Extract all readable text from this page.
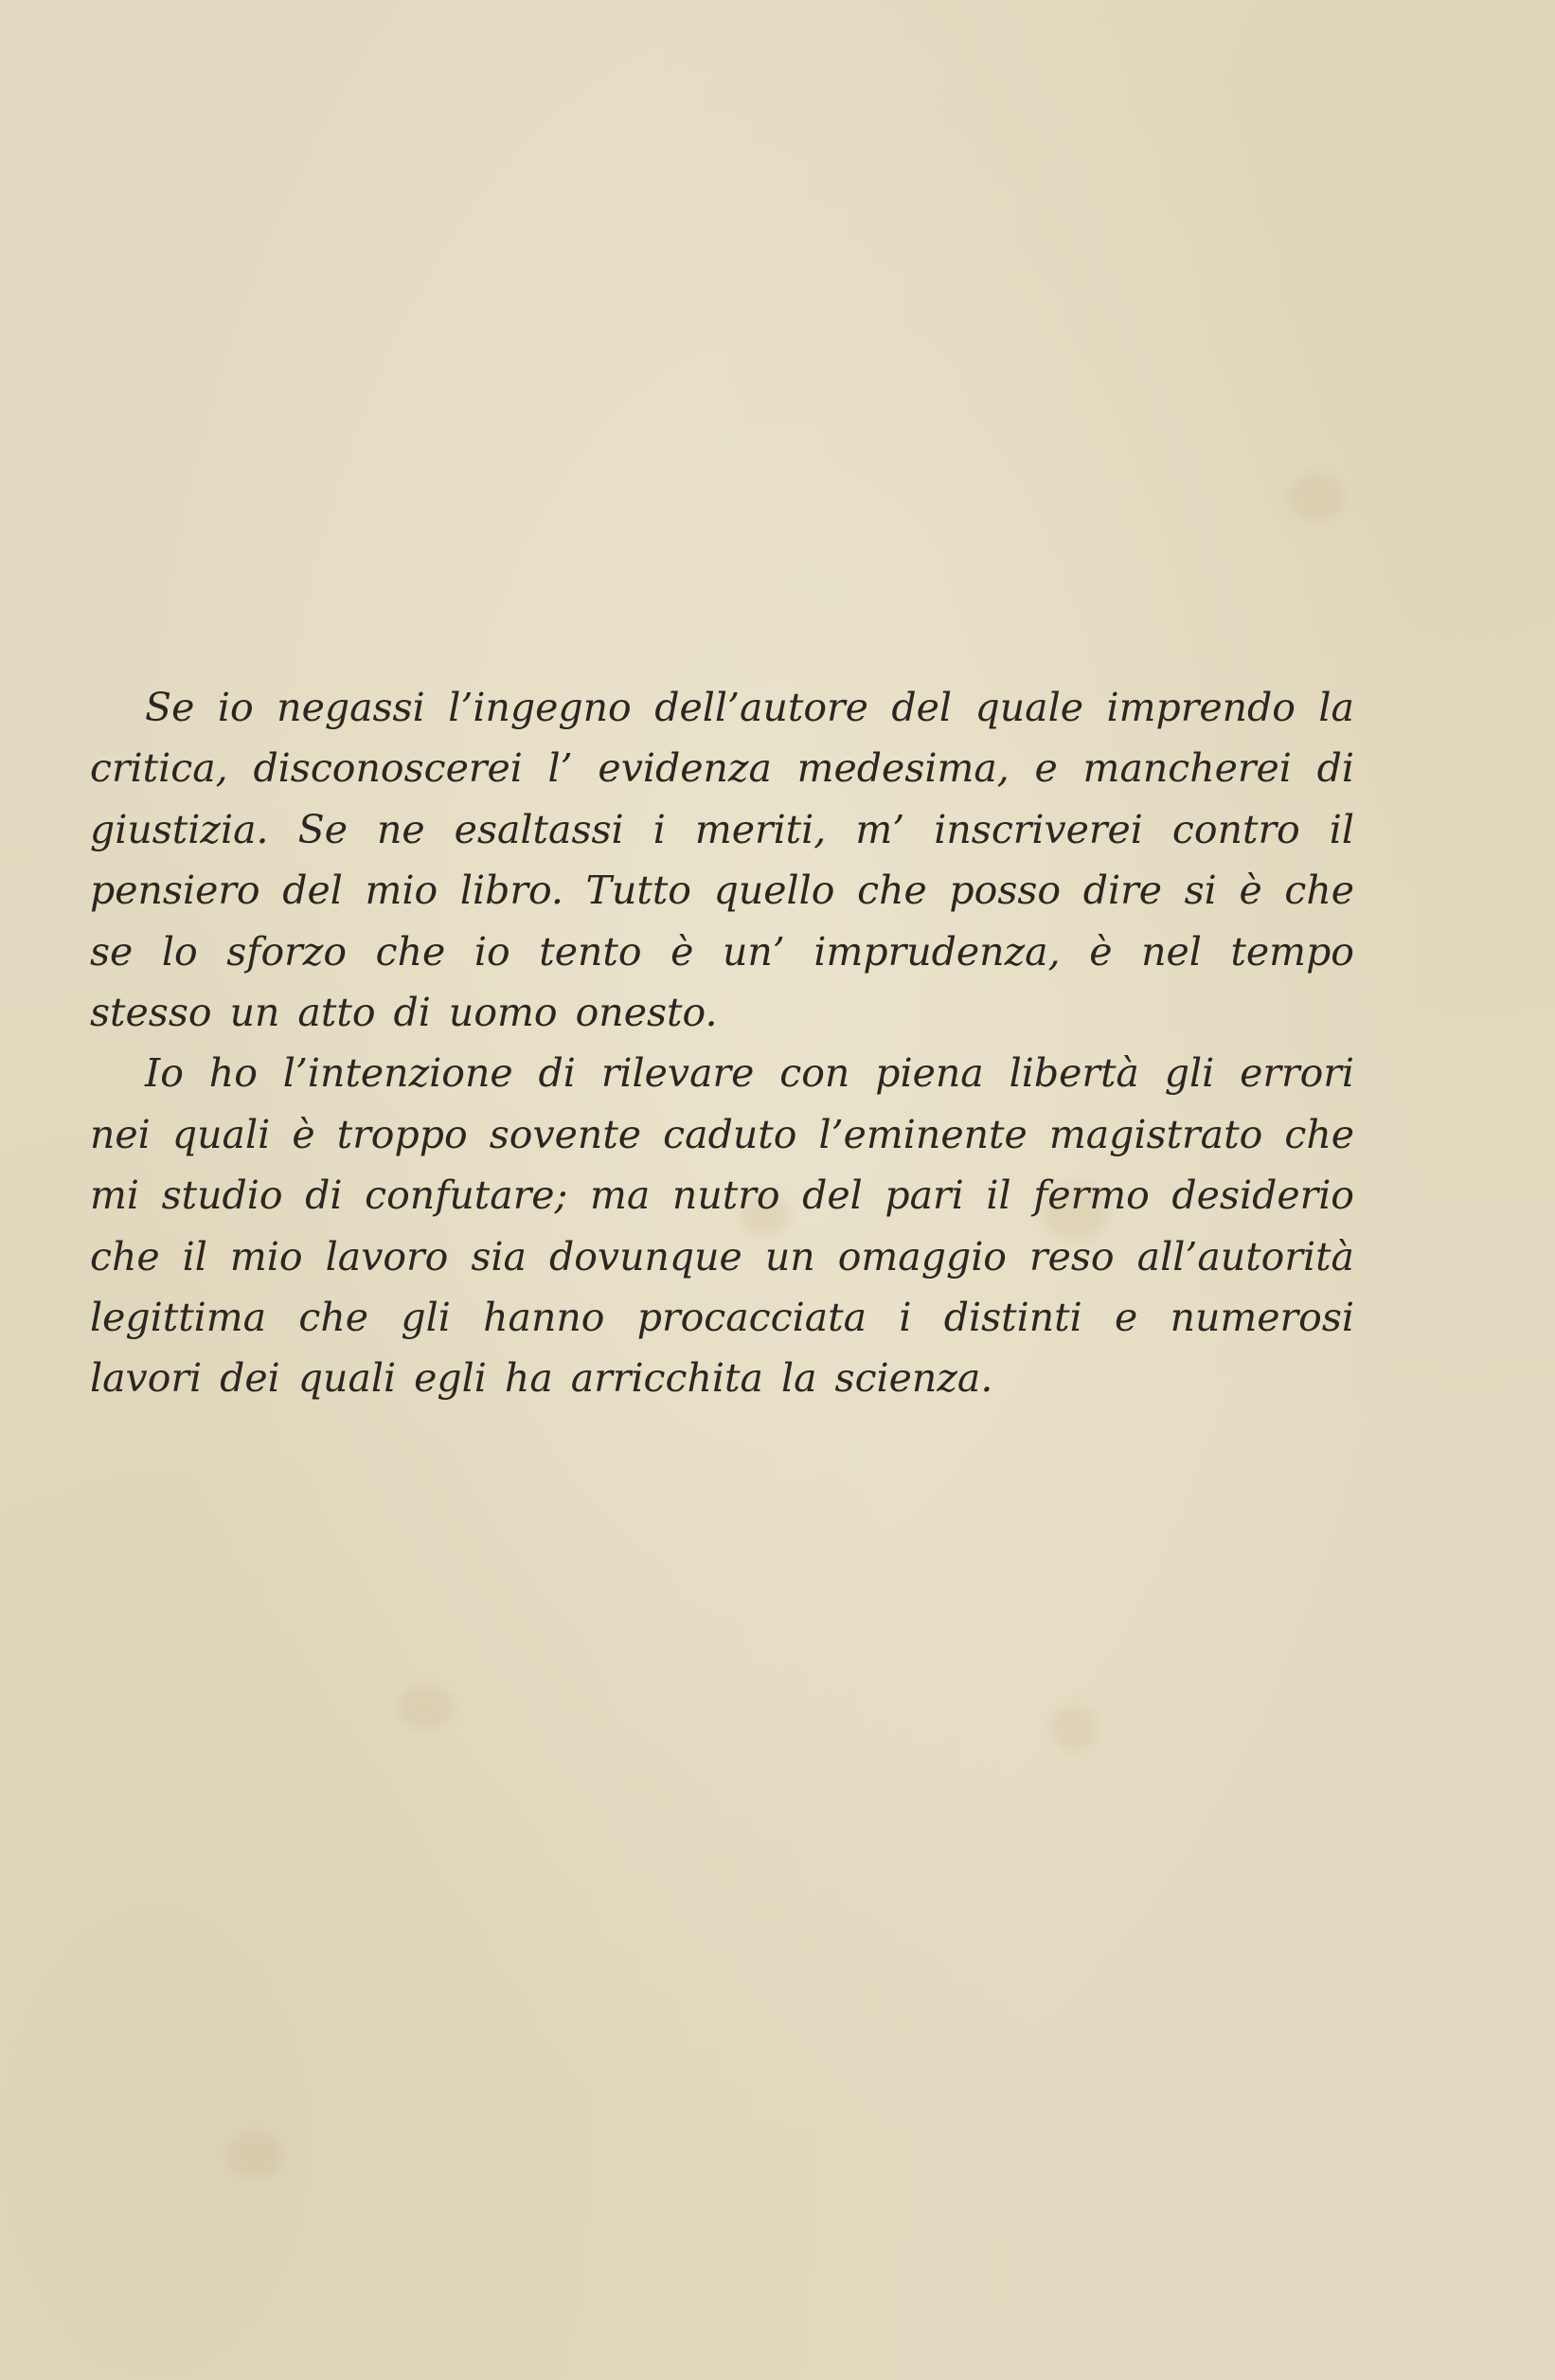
Se io negassi l’ingegno dell’autore del quale imprendo la critica, disconoscerei l’ evidenza medesima, e mancherei di giustizia. Se ne esaltassi i meriti, m’ inscriverei contro il pensiero del mio libro. Tutto quello che posso dire si è che se lo sforzo che io tento è un’ imprudenza, è nel tempo stesso un atto di uomo onesto.

Io ho l’intenzione di rilevare con piena libertà gli errori nei quali è troppo sovente caduto l’eminente magistrato che mi studio di confutare; ma nutro del pari il fermo desiderio che il mio lavoro sia dovunque un omaggio reso all’autorità legittima che gli hanno procacciata i distinti e numerosi lavori dei quali egli ha arricchita la scienza.
